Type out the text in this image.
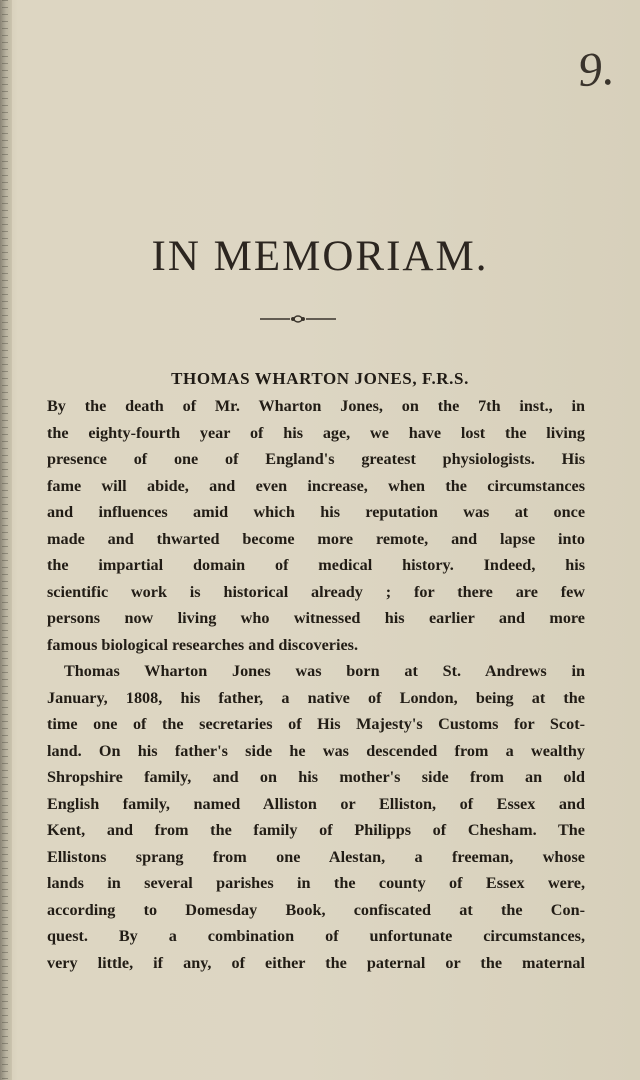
9.
IN MEMORIAM.
THOMAS WHARTON JONES, F.R.S.
By the death of Mr. Wharton Jones, on the 7th inst., in
the eighty-fourth year of his age, we have lost the living
presence of one of England's greatest physiologists. His
fame will abide, and even increase, when the circumstances
and influences amid which his reputation was at once
made and thwarted become more remote, and lapse into
the impartial domain of medical history. Indeed, his
scientific work is historical already ; for there are few
persons now living who witnessed his earlier and more
famous biological researches and discoveries.
Thomas Wharton Jones was born at St. Andrews in
January, 1808, his father, a native of London, being at the
time one of the secretaries of His Majesty's Customs for Scot-
land. On his father's side he was descended from a wealthy
Shropshire family, and on his mother's side from an old
English family, named Alliston or Elliston, of Essex and
Kent, and from the family of Philipps of Chesham. The
Ellistons sprang from one Alestan, a freeman, whose
lands in several parishes in the county of Essex were,
according to Domesday Book, confiscated at the Con-
quest. By a combination of unfortunate circumstances,
very little, if any, of either the paternal or the maternal
